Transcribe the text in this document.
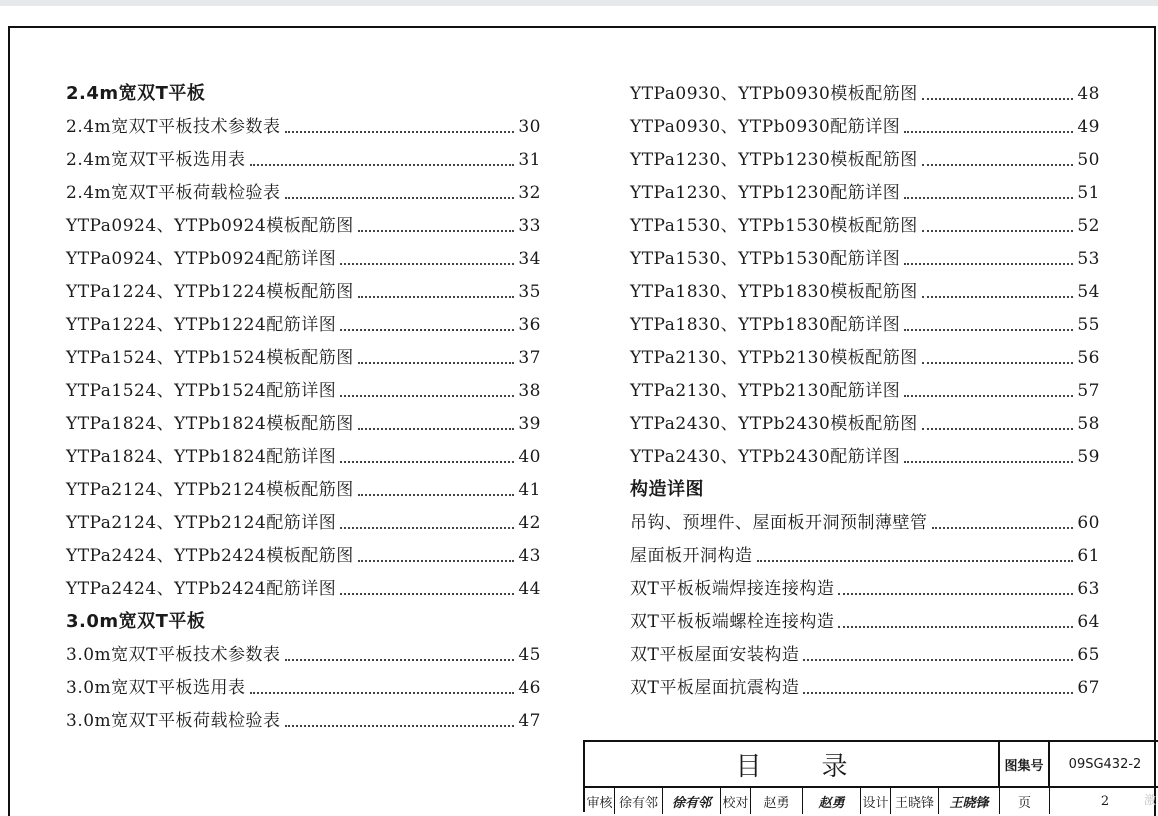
2.4m宽双T平板
2.4m宽双T平板技术参数表	30
2.4m宽双T平板选用表	31
2.4m宽双T平板荷载检验表	32
YTPa0924、YTPb0924模板配筋图	33
YTPa0924、YTPb0924配筋详图	34
YTPa1224、YTPb1224模板配筋图	35
YTPa1224、YTPb1224配筋详图	36
YTPa1524、YTPb1524模板配筋图	37
YTPa1524、YTPb1524配筋详图	38
YTPa1824、YTPb1824模板配筋图	39
YTPa1824、YTPb1824配筋详图	40
YTPa2124、YTPb2124模板配筋图	41
YTPa2124、YTPb2124配筋详图	42
YTPa2424、YTPb2424模板配筋图	43
YTPa2424、YTPb2424配筋详图	44
3.0m宽双T平板
3.0m宽双T平板技术参数表	45
3.0m宽双T平板选用表	46
3.0m宽双T平板荷载检验表	47
YTPa0930、YTPb0930模板配筋图	48
YTPa0930、YTPb0930配筋详图	49
YTPa1230、YTPb1230模板配筋图	50
YTPa1230、YTPb1230配筋详图	51
YTPa1530、YTPb1530模板配筋图	52
YTPa1530、YTPb1530配筋详图	53
YTPa1830、YTPb1830模板配筋图	54
YTPa1830、YTPb1830配筋详图	55
YTPa2130、YTPb2130模板配筋图	56
YTPa2130、YTPb2130配筋详图	57
YTPa2430、YTPb2430模板配筋图	58
YTPa2430、YTPb2430配筋详图	59
构造详图
吊钩、预埋件、屋面板开洞预制薄壁管	60
屋面板开洞构造	61
双T平板板端焊接连接构造	63
双T平板板端螺栓连接构造	64
双T平板屋面安装构造	65
双T平板屋面抗震构造	67
目录	图集号	09SG432-2
审核 徐有邻	徐有邻 校对	赵勇	赵勇	设计 王晓锋	王晓锋	页	2	激
